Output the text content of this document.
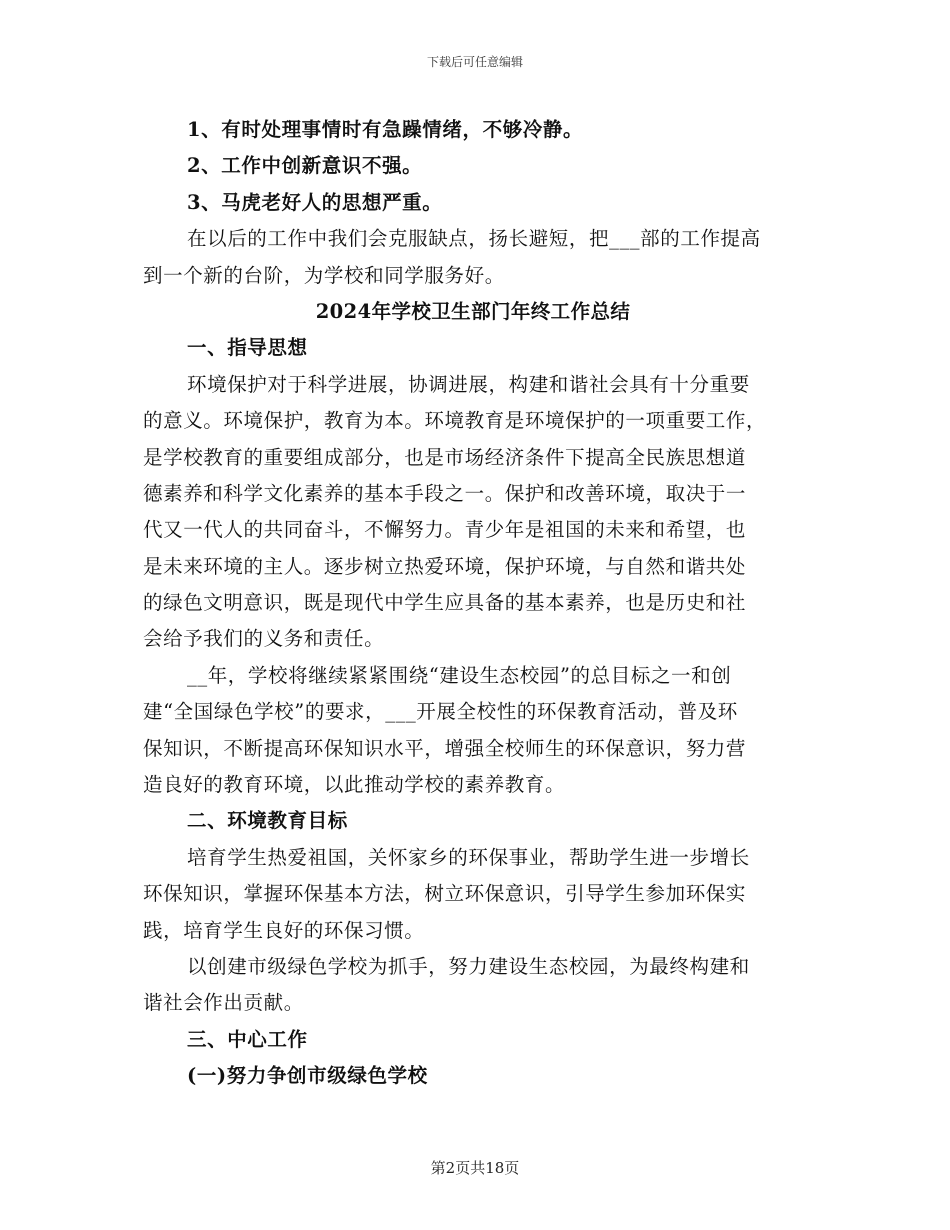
下载后可任意编辑
1、有时处理事情时有急躁情绪，不够冷静。
2、工作中创新意识不强。
3、马虎老好人的思想严重。
在以后的工作中我们会克服缺点，扬长避短，把___部的工作提高
到一个新的台阶，为学校和同学服务好。
2024年学校卫生部门年终工作总结
一、指导思想
环境保护对于科学进展，协调进展，构建和谐社会具有十分重要
的意义。环境保护，教育为本。环境教育是环境保护的一项重要工作，
是学校教育的重要组成部分，也是市场经济条件下提高全民族思想道
德素养和科学文化素养的基本手段之一。保护和改善环境，取决于一
代又一代人的共同奋斗，不懈努力。青少年是祖国的未来和希望，也
是未来环境的主人。逐步树立热爱环境，保护环境，与自然和谐共处
的绿色文明意识，既是现代中学生应具备的基本素养，也是历史和社
会给予我们的义务和责任。
__年，学校将继续紧紧围绕“建设生态校园”的总目标之一和创
建“全国绿色学校”的要求，___开展全校性的环保教育活动，普及环
保知识，不断提高环保知识水平，增强全校师生的环保意识，努力营
造良好的教育环境，以此推动学校的素养教育。
二、环境教育目标
培育学生热爱祖国，关怀家乡的环保事业，帮助学生进一步增长
环保知识，掌握环保基本方法，树立环保意识，引导学生参加环保实
践，培育学生良好的环保习惯。
以创建市级绿色学校为抓手，努力建设生态校园，为最终构建和
谐社会作出贡献。
三、中心工作
(一)努力争创市级绿色学校
第2页共18页
